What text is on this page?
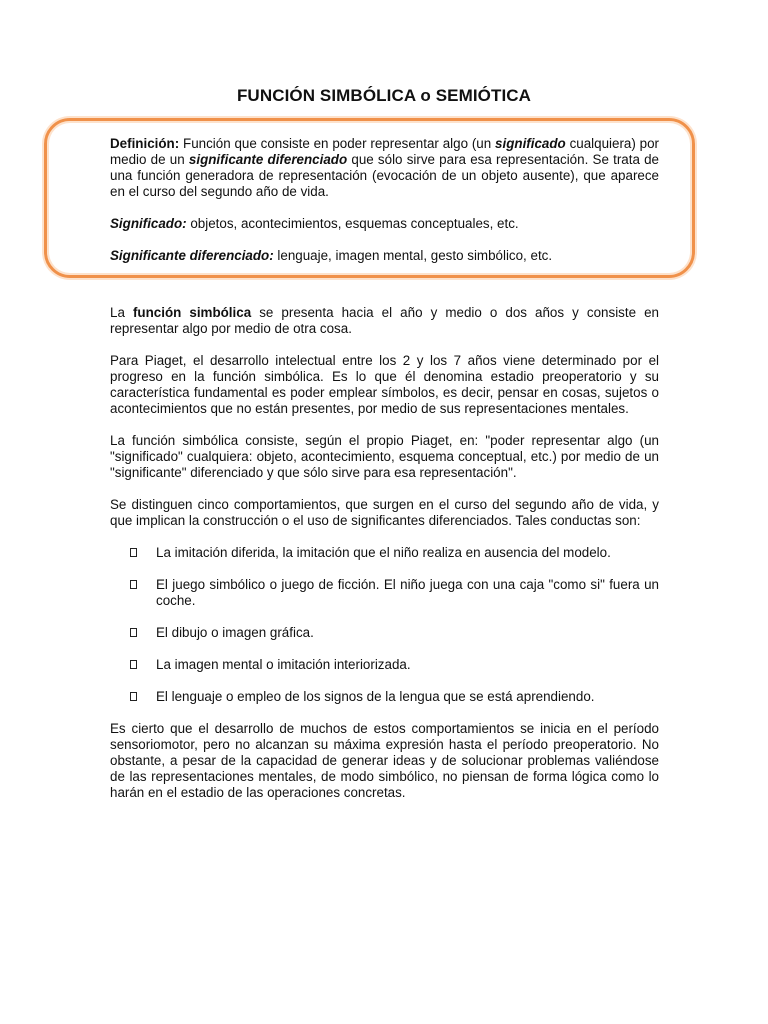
FUNCIÓN SIMBÓLICA o SEMIÓTICA

Definición: Función que consiste en poder representar algo (un significado cualquiera) por medio de un significante diferenciado que sólo sirve para esa representación. Se trata de una función generadora de representación (evocación de un objeto ausente), que aparece en el curso del segundo año de vida.

Significado: objetos, acontecimientos, esquemas conceptuales, etc.

Significante diferenciado: lenguaje, imagen mental, gesto simbólico, etc.

La función simbólica se presenta hacia el año y medio o dos años y consiste en representar algo por medio de otra cosa.

Para Piaget, el desarrollo intelectual entre los 2 y los 7 años viene determinado por el progreso en la función simbólica. Es lo que él denomina estadio preoperatorio y su característica fundamental es poder emplear símbolos, es decir, pensar en cosas, sujetos o acontecimientos que no están presentes, por medio de sus representaciones mentales.

La función simbólica consiste, según el propio Piaget, en: "poder representar algo (un "significado" cualquiera: objeto, acontecimiento, esquema conceptual, etc.) por medio de un "significante" diferenciado y que sólo sirve para esa representación".

Se distinguen cinco comportamientos, que surgen en el curso del segundo año de vida, y que implican la construcción o el uso de significantes diferenciados. Tales conductas son:

La imitación diferida, la imitación que el niño realiza en ausencia del modelo.
El juego simbólico o juego de ficción. El niño juega con una caja "como si" fuera un coche.
El dibujo o imagen gráfica.
La imagen mental o imitación interiorizada.
El lenguaje o empleo de los signos de la lengua que se está aprendiendo.

Es cierto que el desarrollo de muchos de estos comportamientos se inicia en el período sensoriomotor, pero no alcanzan su máxima expresión hasta el período preoperatorio. No obstante, a pesar de la capacidad de generar ideas y de solucionar problemas valiéndose de las representaciones mentales, de modo simbólico, no piensan de forma lógica como lo harán en el estadio de las operaciones concretas.
